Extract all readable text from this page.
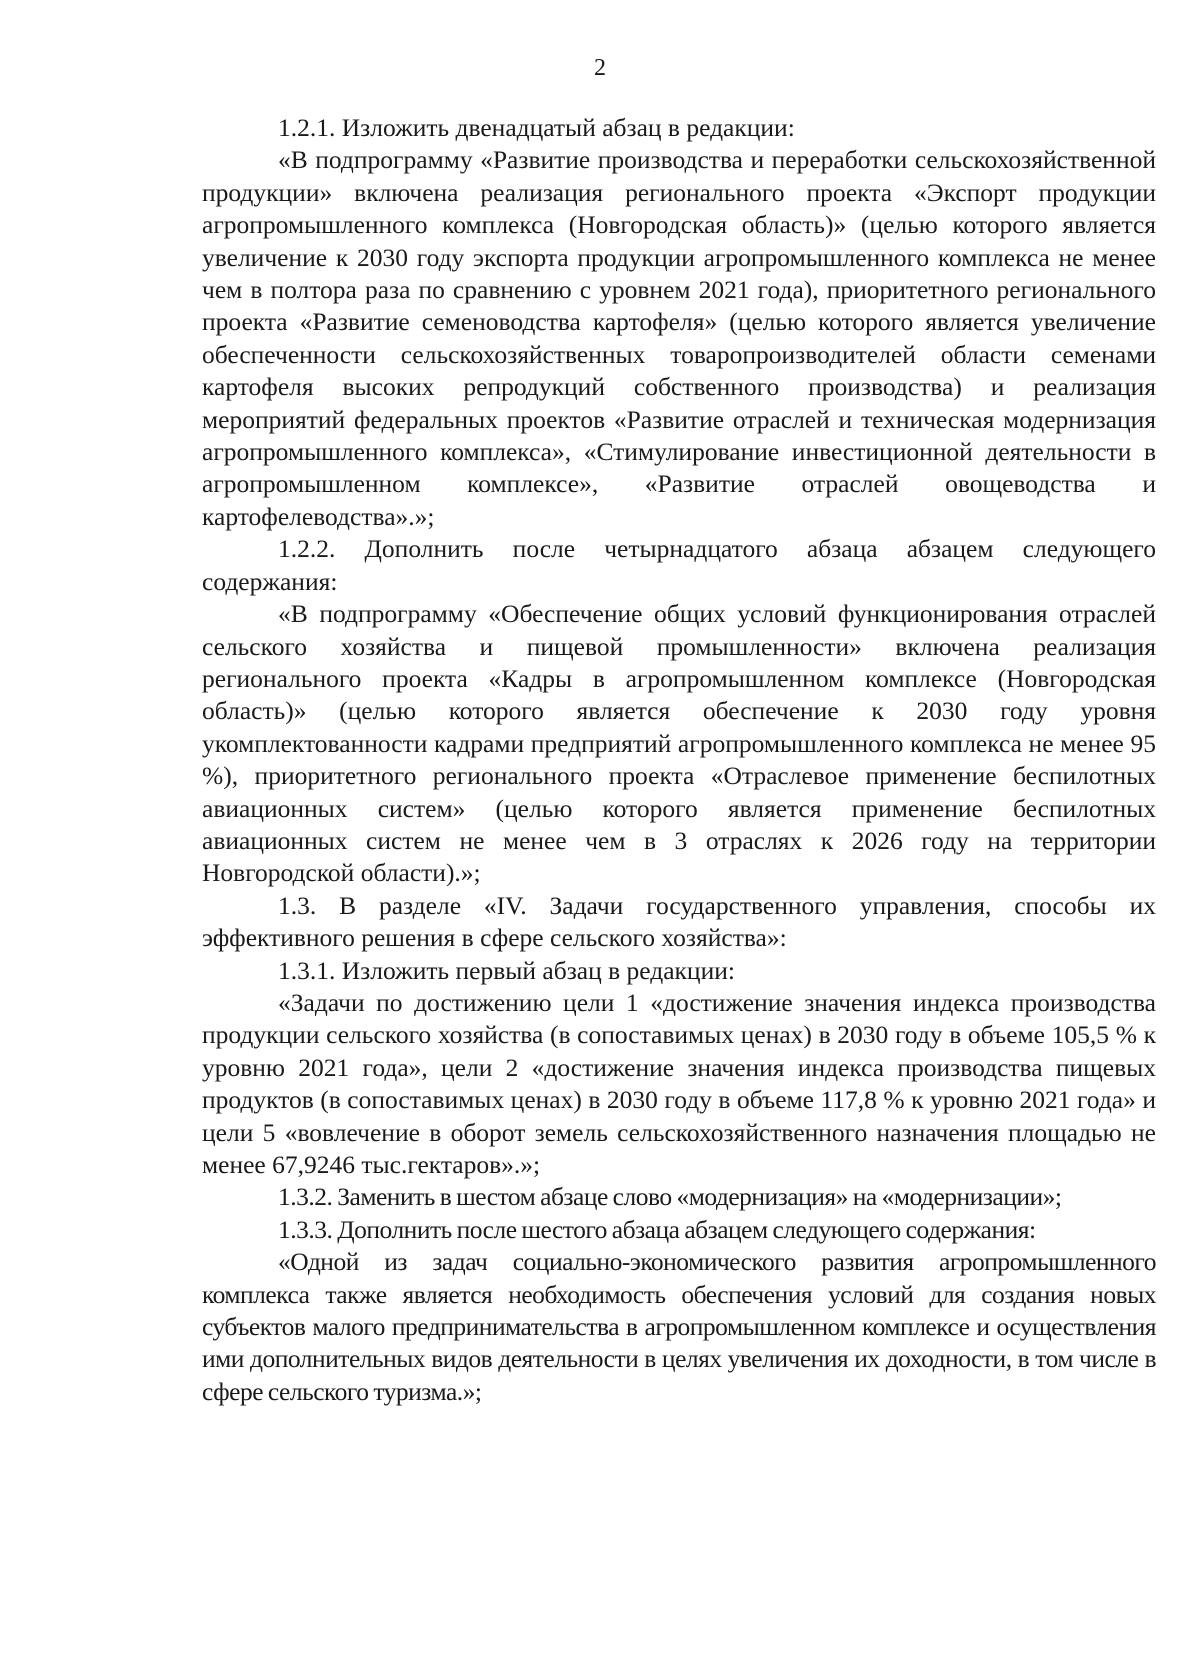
2

1.2.1. Изложить двенадцатый абзац в редакции:

«В подпрограмму «Развитие производства и переработки сельскохозяйственной продукции» включена реализация регионального проекта «Экспорт продукции агропромышленного комплекса (Новгородская область)» (целью которого является увеличение к 2030 году экспорта продукции агропромышленного комплекса не менее чем в полтора раза по сравнению с уровнем 2021 года), приоритетного регионального проекта «Развитие семеноводства картофеля» (целью которого является увеличение обеспеченности сельскохозяйственных товаропроизводителей области семенами картофеля высоких репродукций собственного производства) и реализация мероприятий федеральных проектов «Развитие отраслей и техническая модернизация агропромышленного комплекса», «Стимулирование инвестиционной деятельности в агропромышленном комплексе», «Развитие отраслей овощеводства и картофелеводства».»;

1.2.2. Дополнить после четырнадцатого абзаца абзацем следующего содержания:

«В подпрограмму «Обеспечение общих условий функционирования отраслей сельского хозяйства и пищевой промышленности» включена реализация регионального проекта «Кадры в агропромышленном комплексе (Новгородская область)» (целью которого является обеспечение к 2030 году уровня укомплектованности кадрами предприятий агропромышленного комплекса не менее 95 %), приоритетного регионального проекта «Отраслевое применение беспилотных авиационных систем» (целью которого является применение беспилотных авиационных систем не менее чем в 3 отраслях к 2026 году на территории Новгородской области).»;

1.3. В разделе «IV. Задачи государственного управления, способы их эффективного решения в сфере сельского хозяйства»:

1.3.1. Изложить первый абзац в редакции:

«Задачи по достижению цели 1 «достижение значения индекса производства продукции сельского хозяйства (в сопоставимых ценах) в 2030 году в объеме 105,5 % к уровню 2021 года», цели 2 «достижение значения индекса производства пищевых продуктов (в сопоставимых ценах) в 2030 году в объеме 117,8 % к уровню 2021 года» и цели 5 «вовлечение в оборот земель сельскохозяйственного назначения площадью не менее 67,9246 тыс.гектаров».»;

1.3.2. Заменить в шестом абзаце слово «модернизация» на «модернизации»;

1.3.3. Дополнить после шестого абзаца абзацем следующего содержания:

«Одной из задач социально-экономического развития агропромышленного комплекса также является необходимость обеспечения условий для создания новых субъектов малого предпринимательства в агропромышленном комплексе и осуществления ими дополнительных видов деятельности в целях увеличения их доходности, в том числе в сфере сельского туризма.»;
